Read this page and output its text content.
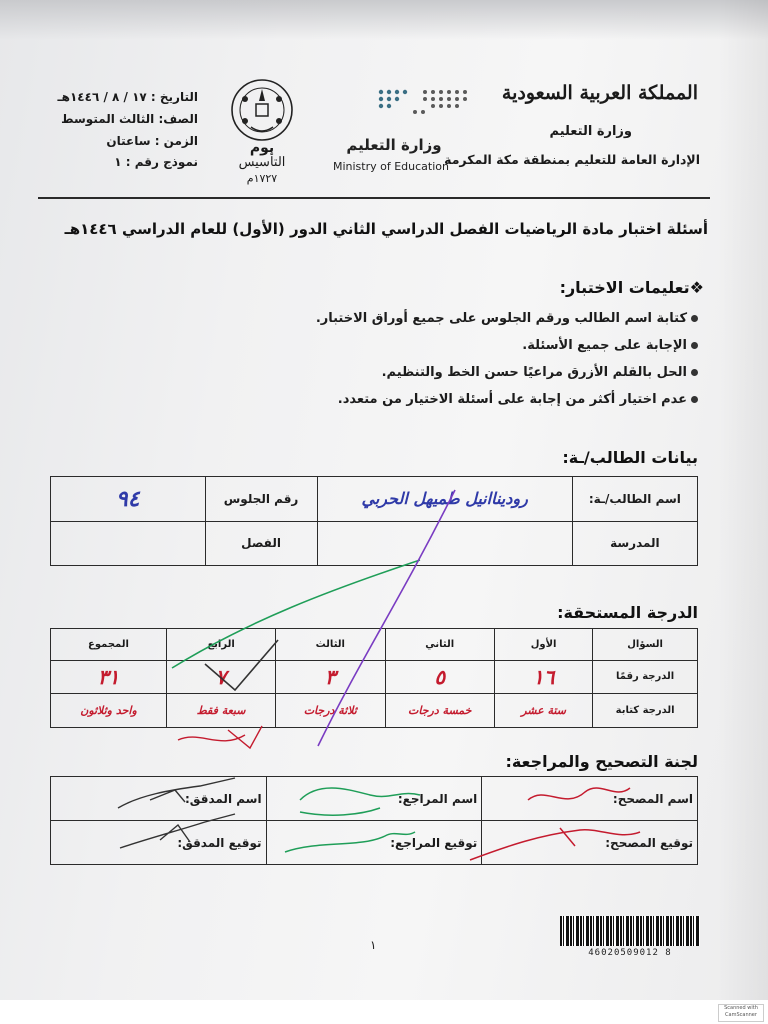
المملكة العربية السعودية
وزارة التعليم
الإدارة العامة للتعليم بمنطقة مكة المكرمة
وزارة التعليم
Ministry of Education
يوم
التأسيس
١٧٢٧م
التاريخ : ١٧ / ٨ / ١٤٤٦هـ
الصف: الثالث المتوسط
الزمن : ساعتان
نموذج رقم : ١
أسئلة اختبار مادة الرياضيات الفصل الدراسي الثاني الدور (الأول) للعام الدراسي ١٤٤٦هـ
❖تعليمات الاختبار:
كتابة اسم الطالب ورقم الجلوس على جميع أوراق الاختبار.
الإجابة على جميع الأسئلة.
الحل بالقلم الأزرق مراعيًا حسن الخط والتنظيم.
عدم اختيار أكثر من إجابة على أسئلة الاختيار من متعدد.
بيانات الطالب/ـة:
اسم الطالب/ـة:	روديناانيل طميهل الحربي	رقم الجلوس	٩٤
المدرسة		الفصل	
الدرجة المستحقة:
السؤال	الأول	الثاني	الثالث	الرابع	المجموع
الدرجة رقمًا	١٦	٥	٣	٧	٣١
الدرجة كتابة	ستة عشر	خمسة درجات	ثلاثة درجات	سبعة فقط	واحد وثلاثون
لجنة التصحيح والمراجعة:
اسم المصحح:	اسم المراجع:	اسم المدقق:
توقيع المصحح:	توقيع المراجع:	توقيع المدقق:
١
46020509012 8
Scanned with CamScanner
